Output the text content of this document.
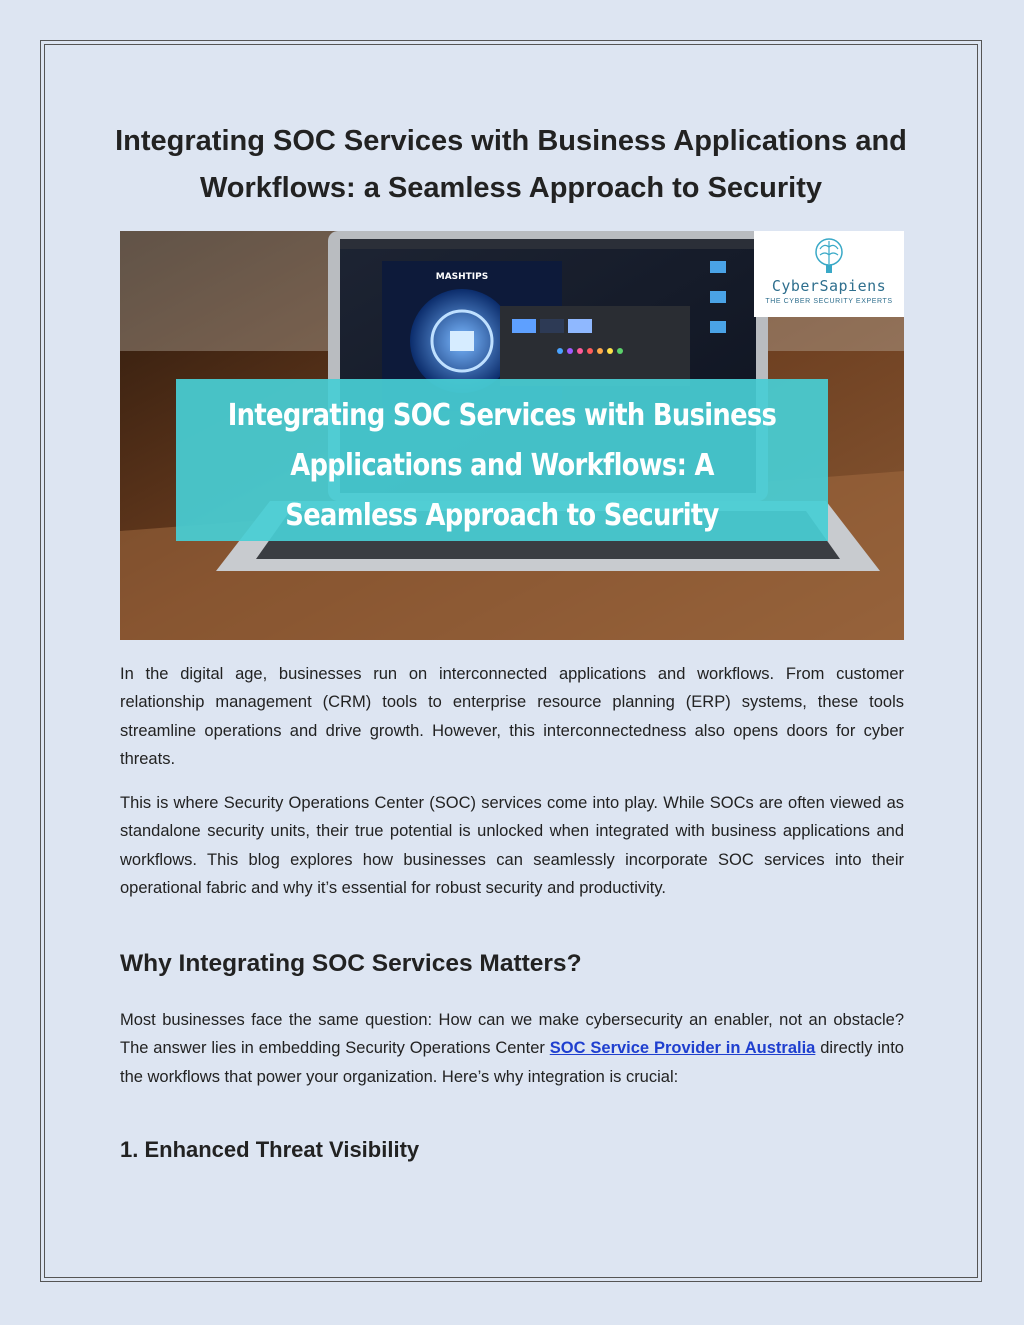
Integrating SOC Services with Business Applications and Workflows: a Seamless Approach to Security
MASHTIPS	CyberSapiens
THE CYBER SECURITY EXPERTS
Integrating SOC Services with Business Applications and Workflows: A Seamless Approach to Security

In the digital age, businesses run on interconnected applications and workflows. From customer relationship management (CRM) tools to enterprise resource planning (ERP) systems, these tools streamline operations and drive growth. However, this interconnectedness also opens doors for cyber threats.

This is where Security Operations Center (SOC) services come into play. While SOCs are often viewed as standalone security units, their true potential is unlocked when integrated with business applications and workflows. This blog explores how businesses can seamlessly incorporate SOC services into their operational fabric and why it’s essential for robust security and productivity.

Why Integrating SOC Services Matters?

Most businesses face the same question: How can we make cybersecurity an enabler, not an obstacle? The answer lies in embedding Security Operations Center SOC Service Provider in Australia directly into the workflows that power your organization. Here’s why integration is crucial:

1. Enhanced Threat Visibility
